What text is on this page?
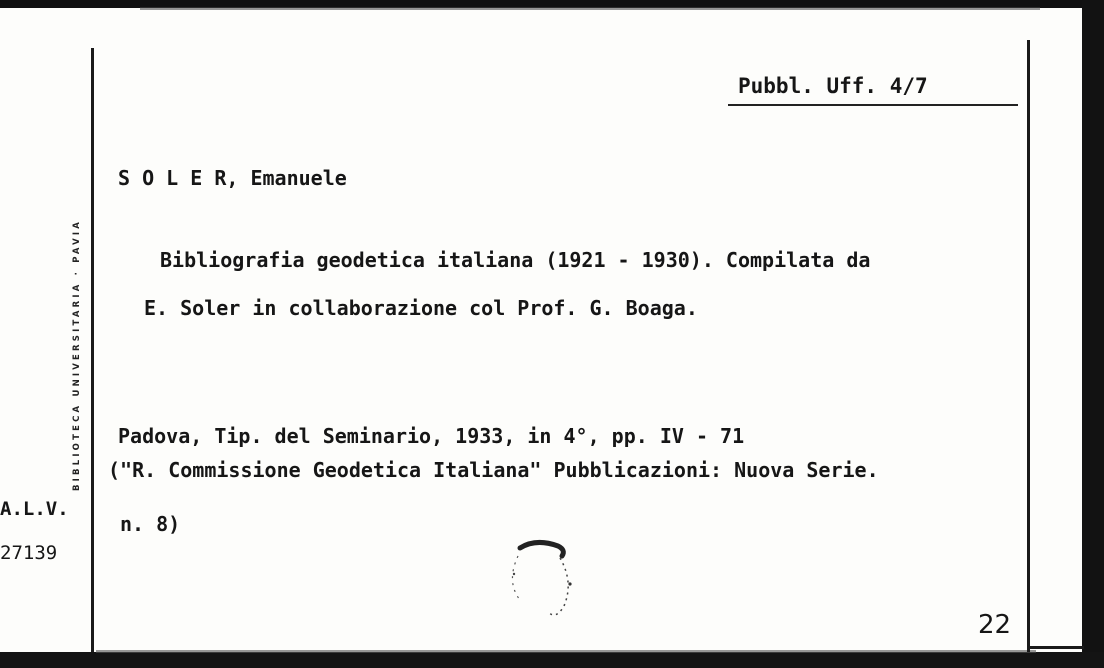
Pubbl. Uff. 4/7
S O L E R, Emanuele
Bibliografia geodetica italiana (1921 - 1930). Compilata da
E. Soler in collaborazione col Prof. G. Boaga.
Padova, Tip. del Seminario, 1933, in 4°, pp. IV - 71
("R. Commissione Geodetica Italiana" Pubblicazioni: Nuova Serie.
n. 8)
A.L.V.
27139
BIBLIOTECA UNIVERSITARIA · PAVIA
22
